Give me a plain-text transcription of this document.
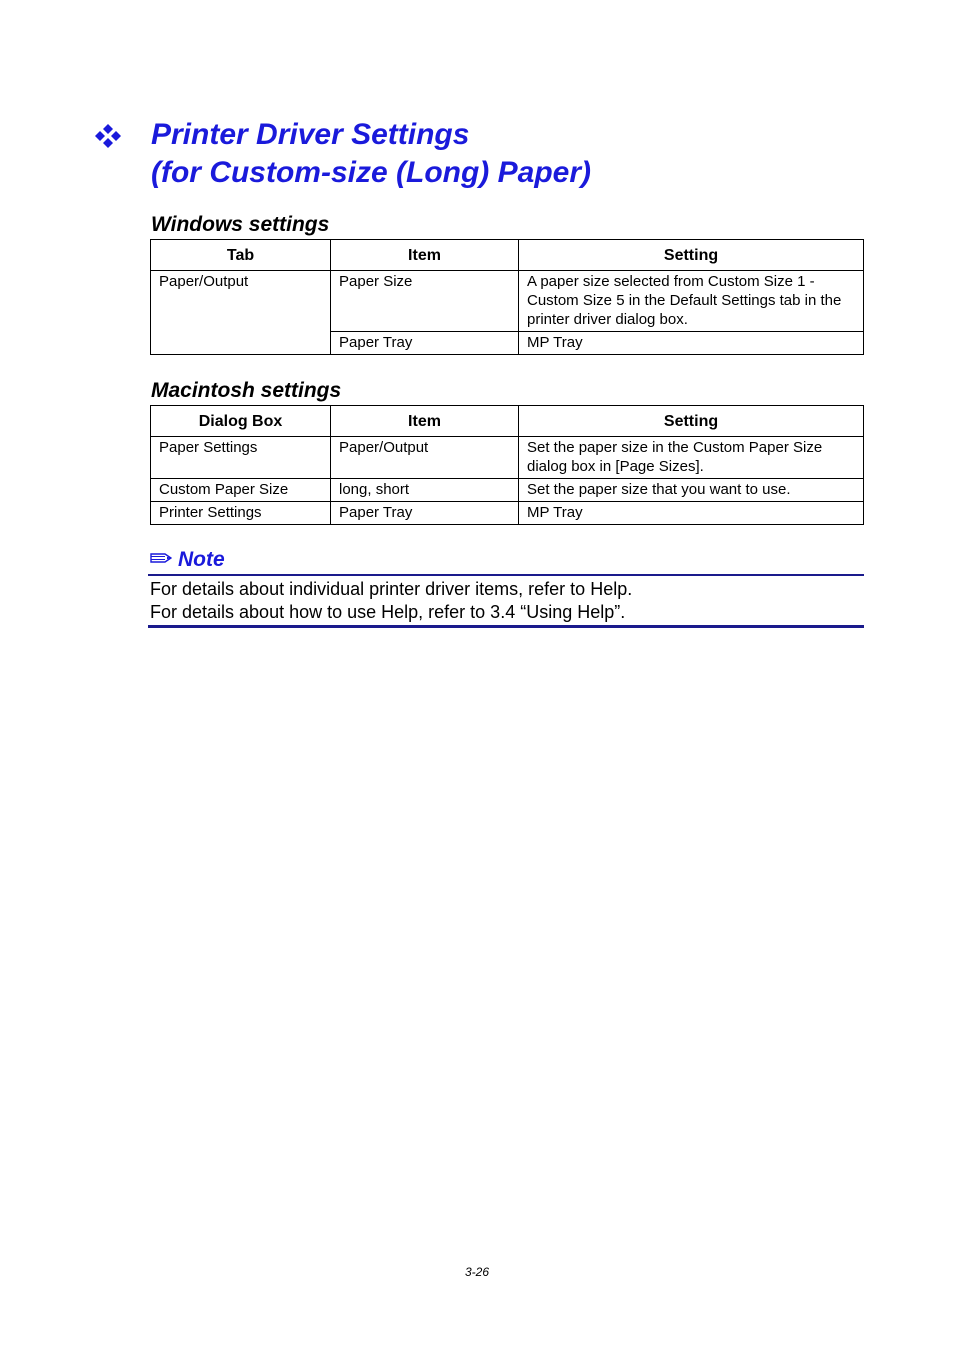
Printer Driver Settings
(for Custom-size (Long) Paper)
Windows settings
Tab	Item	Setting
Paper/Output	Paper Size	A paper size selected from Custom Size 1 -Custom Size 5 in the Default Settings tab in the printer driver dialog box.
	Paper Tray	MP Tray
Macintosh settings
Dialog Box	Item	Setting
Paper Settings	Paper/Output	Set the paper size in the Custom Paper Size dialog box in [Page Sizes].
Custom Paper Size	long, short	Set the paper size that you want to use.
Printer Settings	Paper Tray	MP Tray
Note
For details about individual printer driver items, refer to Help.
For details about how to use Help, refer to 3.4 “Using Help”.
3-26
